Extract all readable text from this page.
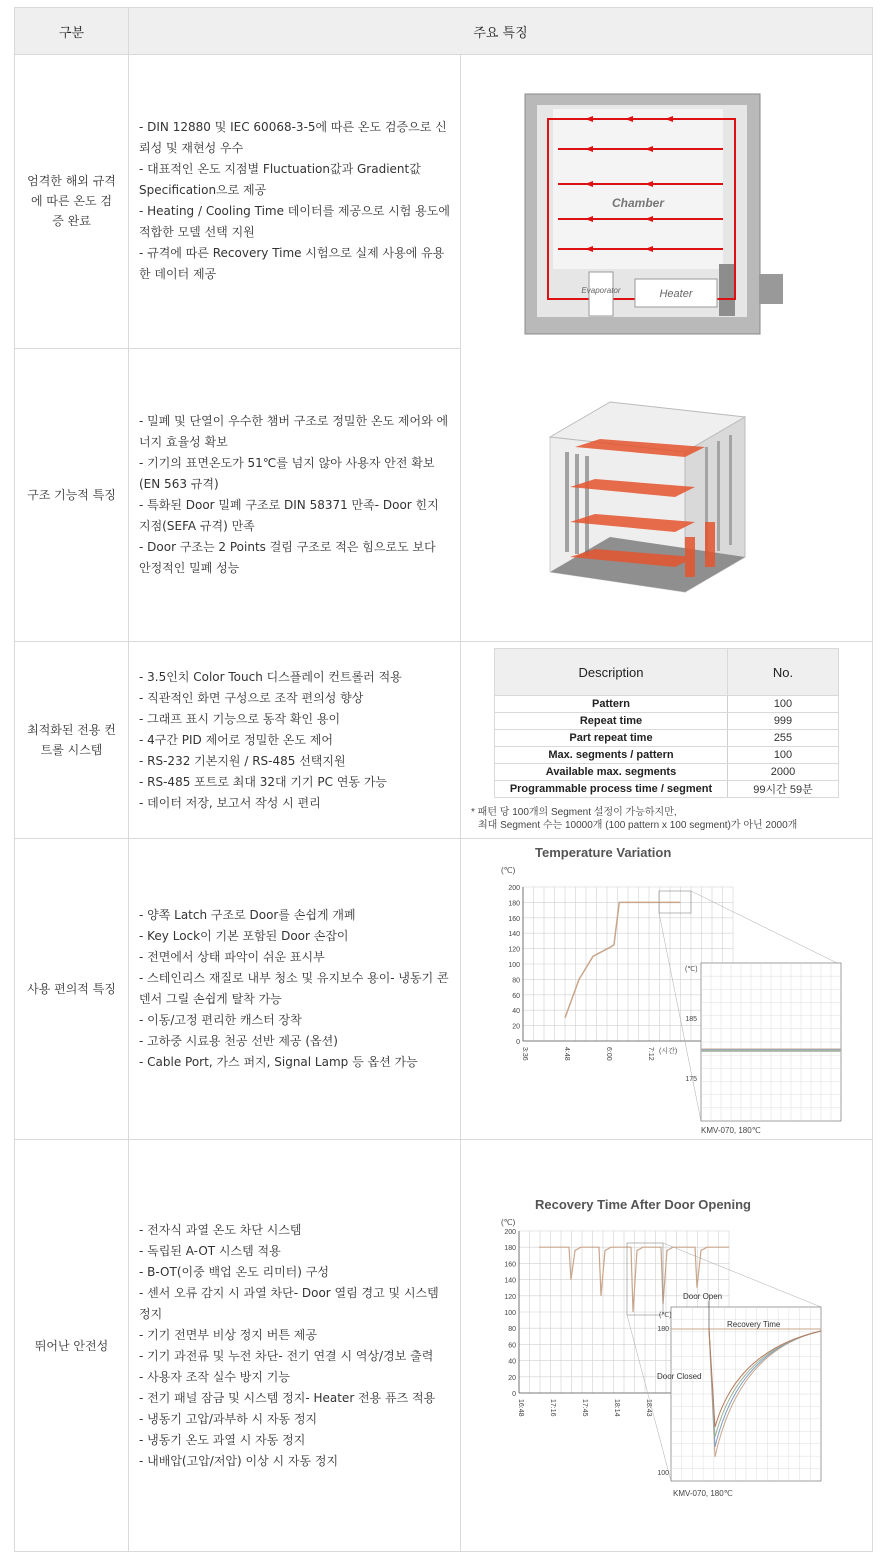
구분	주요 특징
엄격한 해외 규격
에 따른 온도 검
증 완료	
- DIN 12880 및 IEC 60068-3-5에 따른 온도 검증으로 신뢰성 및 재현성 우수
- 대표적인 온도 지점별 Fluctuation값과 Gradient값 Specification으로 제공
- Heating / Cooling Time 데이터를 제공으로 시험 용도에 적합한 모델 선택 지원
- 규격에 따른 Recovery Time 시험으로 실제 사용에 유용한 데이터 제공

Chamber
Evaporator	Heater

구조 기능적 특징	
- 밀폐 및 단열이 우수한 챔버 구조로 정밀한 온도 제어와 에너지 효율성 확보
- 기기의 표면온도가 51℃를 넘지 않아 사용자 안전 확보 (EN 563 규격)
- 특화된 Door 밀폐 구조로 DIN 58371 만족- Door 힌지 지점(SEFA 규격) 만족
- Door 구조는 2 Points 걸림 구조로 적은 힘으로도 보다 안정적인 밀폐 성능

최적화된 전용 컨
트롤 시스템	
- 3.5인치 Color Touch 디스플레이 컨트롤러 적용
- 직관적인 화면 구성으로 조작 편의성 향상
- 그래프 표시 기능으로 동작 확인 용이
- 4구간 PID 제어로 정밀한 온도 제어
- RS-232 기본지원 / RS-485 선택지원
- RS-485 포트로 최대 32대 기기 PC 연동 가능
- 데이터 저장, 보고서 작성 시 편리

Description	No.
Pattern	100
Repeat time	999
Part repeat time	255
Max. segments / pattern	100
Available max. segments	2000
Programmable process time / segment	99시간 59분
* 패턴 당 100개의 Segment 설정이 가능하지만,
최대 Segment 수는 10000개 (100 pattern x 100 segment)가 아닌 2000개

사용 편의적 특징	
- 양쪽 Latch 구조로 Door를 손쉽게 개폐
- Key Lock이 기본 포함된 Door 손잡이
- 전면에서 상태 파악이 쉬운 표시부
- 스테인리스 재질로 내부 청소 및 유지보수 용이- 냉동기 콘덴서 그릴 손쉽게 탈착 가능
- 이동/고정 편리한 캐스터 장착
- 고하중 시료용 천공 선반 제공 (옵션)
- Cable Port, 가스 퍼지, Signal Lamp 등 옵션 가능

Temperature Variation
(℃)
0
20
40
60
80
100
120
140
160
180
200
3:36	4:48	6:00	7:12 (시간)
(℃)
185
175
KMV-070, 180℃

뛰어난 안전성	
- 전자식 과열 온도 차단 시스템
- 독립된 A-OT 시스템 적용
- B-OT(이중 백업 온도 리미터) 구성
- 센서 오류 감지 시 과열 차단- Door 열림 경고 및 시스템 정지
- 기기 전면부 비상 정지 버튼 제공
- 기기 과전류 및 누전 차단- 전기 연결 시 역상/경보 출력
- 사용자 조작 실수 방지 기능
- 전기 패널 잠금 및 시스템 정지- Heater 전용 퓨즈 적용
- 냉동기 고압/과부하 시 자동 정지
- 냉동기 온도 과열 시 자동 정지
- 내배압(고압/저압) 이상 시 자동 정지

Recovery Time After Door Opening
(℃)
0
20
40
60
80
100
120
140
160
180
200
16:48	17:16	17:45	18:14	18:43
(℃)
180
100
Door Open
Recovery Time
Door Closed
KMV-070, 180℃
